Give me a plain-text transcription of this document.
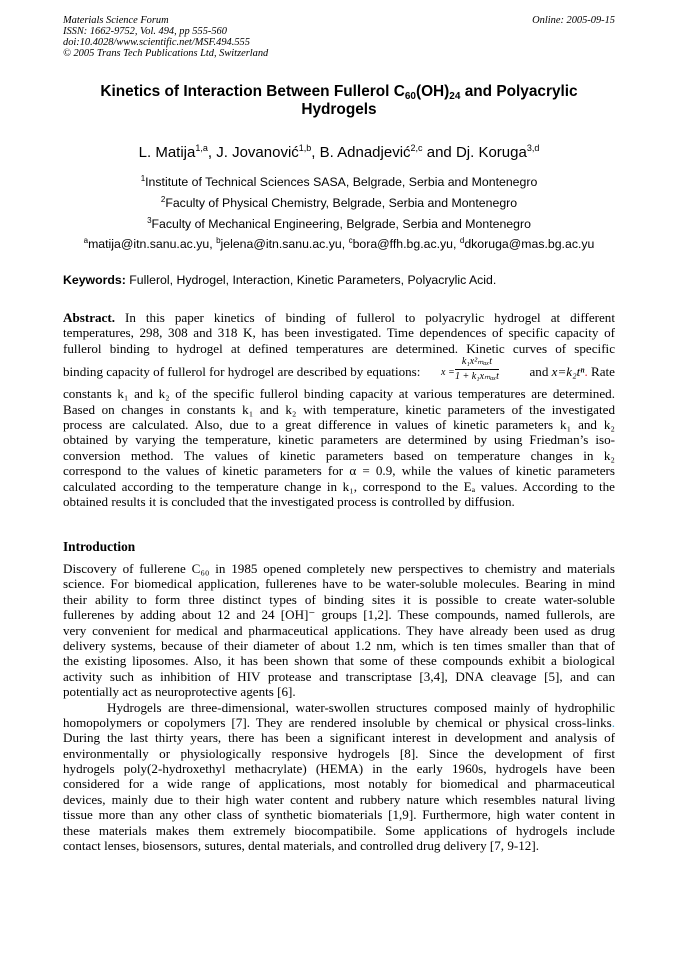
Materials Science Forum
ISSN: 1662-9752, Vol. 494, pp 555-560
doi:10.4028/www.scientific.net/MSF.494.555
© 2005 Trans Tech Publications Ltd, Switzerland
Online: 2005-09-15
Kinetics of Interaction Between Fullerol $C_{60}(OH)_{24}$ and Polyacrylic
Hydrogels
L. Matija$^{1,a}$, J. Jovanović$^{1,b}$, B. Adnadjević$^{2,c}$ and Dj. Koruga$^{3,d}$
$^1$Institute of Technical Sciences SASA, Belgrade, Serbia and Montenegro
$^2$Faculty of Physical Chemistry, Belgrade, Serbia and Montenegro
$^3$Faculty of Mechanical Engineering, Belgrade, Serbia and Montenegro
$^a$matija@itn.sanu.ac.yu, $^b$jelena@itn.sanu.ac.yu, $^c$bora@ffh.bg.ac.yu, $^d$dkoruga@mas.bg.ac.yu
Keywords: Fullerol, Hydrogel, Interaction, Kinetic Parameters, Polyacrylic Acid.
Abstract. In this paper kinetics of binding of fullerol to polyacrylic hydrogel at different
temperatures, 298, 308 and 318 K, has been investigated. Time dependences of specific capacity of
fullerol binding to hydrogel at defined temperatures are determined. Kinetic curves of specific
binding capacity of fullerol for hydrogel are described by equations: x =
k₁x²ₘₐₓt
1 + k₁xₘₐₓt and x=k₂tⁿ. Rate
constants k₁ and k₂ of the specific fullerol binding capacity at various temperatures are determined.
Based on changes in constants k₁ and k₂ with temperature, kinetic parameters of the investigated
process are calculated. Also, due to a great difference in values of kinetic parameters k₁ and k₂
obtained by varying the temperature, kinetic parameters are determined by using Friedman’s iso-
conversion method. The values of kinetic parameters based on temperature changes in k₂
correspond to the values of kinetic parameters for α = 0.9, while the values of kinetic parameters
calculated according to the temperature change in k₁, correspond to the Eₐ values. According to the
obtained results it is concluded that the investigated process is controlled by diffusion.
Introduction
Discovery of fullerene C₆₀ in 1985 opened completely new perspectives to chemistry and materials
science. For biomedical application, fullerenes have to be water-soluble molecules. Bearing in mind
their ability to form three distinct types of binding sites it is possible to create water-soluble
fullerenes by adding about 12 and 24 [OH]⁻ groups [1,2]. These compounds, named fullerols, are
very convenient for medical and pharmaceutical applications. They have already been used as drug
delivery systems, because of their diameter of about 1.2 nm, which is ten times smaller than that of
the existing liposomes. Also, it has been shown that some of these compounds exhibit a biological
activity such as inhibition of HIV protease and transcriptase [3,4], DNA cleavage [5], and can
potentially act as neuroprotective agents [6].
Hydrogels are three-dimensional, water-swollen structures composed mainly of hydrophilic
homopolymers or copolymers [7]. They are rendered insoluble by chemical or physical cross-links.
During the last thirty years, there has been a significant interest in development and analysis of
environmentally or physiologically responsive hydrogels [8]. Since the development of first
hydrogels poly(2-hydroxethyl methacrylate) (HEMA) in the early 1960s, hydrogels have been
considered for a wide range of applications, most notably for biomedical and pharmaceutical
devices, mainly due to their high water content and rubbery nature which resembles natural living
tissue more than any other class of synthetic biomaterials [1,9]. Furthermore, high water content in
these materials makes them extremely biocompatibile. Some applications of hydrogels include
contact lenses, biosensors, sutures, dental materials, and controlled drug delivery [7, 9-12].
